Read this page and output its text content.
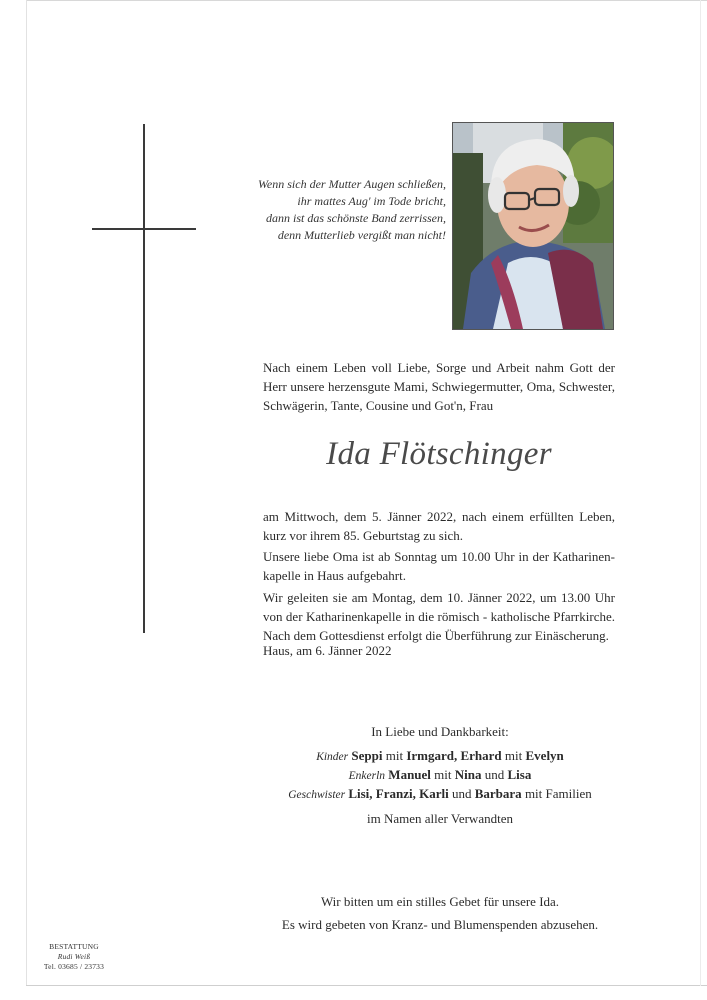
Wenn sich der Mutter Augen schließen,
ihr mattes Aug' im Tode bricht,
dann ist das schönste Band zerrissen,
denn Mutterlieb vergißt man nicht!
Nach einem Leben voll Liebe, Sorge und Arbeit nahm Gott der Herr unsere herzensgute Mami, Schwiegermutter, Oma, Schwester, Schwägerin, Tante, Cousine und Got'n, Frau
Ida Flötschinger
am Mittwoch, dem 5. Jänner 2022, nach einem erfüllten Leben, kurz vor ihrem 85. Geburtstag zu sich.
Unsere liebe Oma ist ab Sonntag um 10.00 Uhr in der Katharinen-kapelle in Haus aufgebahrt.
Wir geleiten sie am Montag, dem 10. Jänner 2022, um 13.00 Uhr von der Katharinenkapelle in die römisch - katholische Pfarrkirche. Nach dem Gottesdienst erfolgt die Überführung zur Einäscherung.
Haus, am 6. Jänner 2022
In Liebe und Dankbarkeit:
Kinder Seppi mit Irmgard, Erhard mit Evelyn
Enkerln Manuel mit Nina und Lisa
Geschwister Lisi, Franzi, Karli und Barbara mit Familien
im Namen aller Verwandten
Wir bitten um ein stilles Gebet für unsere Ida.
Es wird gebeten von Kranz- und Blumenspenden abzusehen.
BESTATTUNG
Rudi Weiß
Tel. 03685 / 23733
